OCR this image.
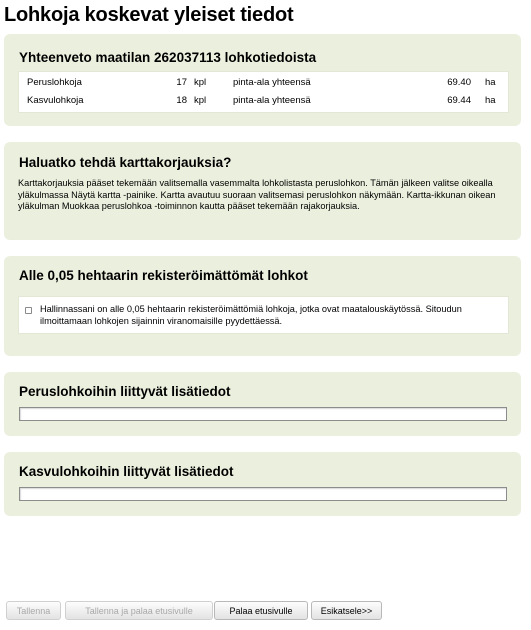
Lohkoja koskevat yleiset tiedot
Yhteenveto maatilan 262037113 lohkotiedoista
Peruslohkoja	17 kpl	pinta-ala yhteensä	69.40 ha
Kasvulohkoja	18 kpl	pinta-ala yhteensä	69.44 ha
Haluatko tehdä karttakorjauksia?

Karttakorjauksia pääset tekemään valitsemalla vasemmalta lohkolistasta peruslohkon. Tämän jälkeen valitse oikealla yläkulmassa Näytä kartta -painike. Kartta avautuu suoraan valitsemasi peruslohkon näkymään. Kartta-ikkunan oikean yläkulman Muokkaa peruslohkoa -toiminnon kautta pääset tekemään rajakorjauksia.

Alle 0,05 hehtaarin rekisteröimättömät lohkot

Hallinnassani on alle 0,05 hehtaarin rekisteröimättömiä lohkoja, jotka ovat maatalouskäytössä. Sitoudun ilmoittamaan lohkojen sijainnin viranomaisille pyydettäessä.

Peruslohkoihin liittyvät lisätiedot
Kasvulohkoihin liittyvät lisätiedot
Tallenna	Tallenna ja palaa etusivulle	Palaa etusivulle	Esikatsele>>
